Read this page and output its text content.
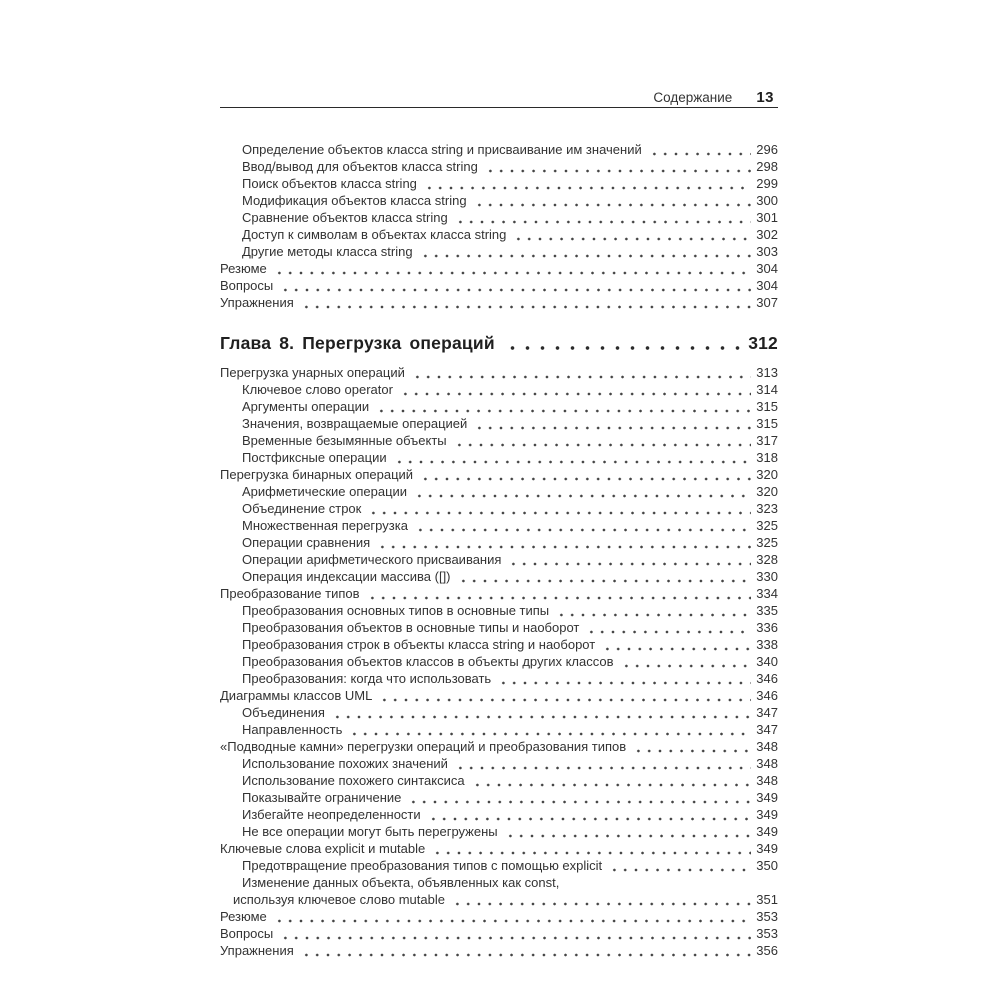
Содержание 13
Определение объектов класса string и присваивание им значений	296
Ввод/вывод для объектов класса string	298
Поиск объектов класса string	299
Модификация объектов класса string	300
Сравнение объектов класса string	301
Доступ к символам в объектах класса string	302
Другие методы класса string	303
Резюме	304
Вопросы	304
Упражнения	307
Глава 8. Перегрузка операций	312
Перегрузка унарных операций	313
Ключевое слово operator	314
Аргументы операции	315
Значения, возвращаемые операцией	315
Временные безымянные объекты	317
Постфиксные операции	318
Перегрузка бинарных операций	320
Арифметические операции	320
Объединение строк	323
Множественная перегрузка	325
Операции сравнения	325
Операции арифметического присваивания	328
Операция индексации массива ([])	330
Преобразование типов	334
Преобразования основных типов в основные типы	335
Преобразования объектов в основные типы и наоборот	336
Преобразования строк в объекты класса string и наоборот	338
Преобразования объектов классов в объекты других классов	340
Преобразования: когда что использовать	346
Диаграммы классов UML	346
Объединения	347
Направленность	347
«Подводные камни» перегрузки операций и преобразования типов	348
Использование похожих значений	348
Использование похожего синтаксиса	348
Показывайте ограничение	349
Избегайте неопределенности	349
Не все операции могут быть перегружены	349
Ключевые слова explicit и mutable	349
Предотвращение преобразования типов с помощью explicit	350
Изменение данных объекта, объявленных как const,
используя ключевое слово mutable	351
Резюме	353
Вопросы	353
Упражнения	356
